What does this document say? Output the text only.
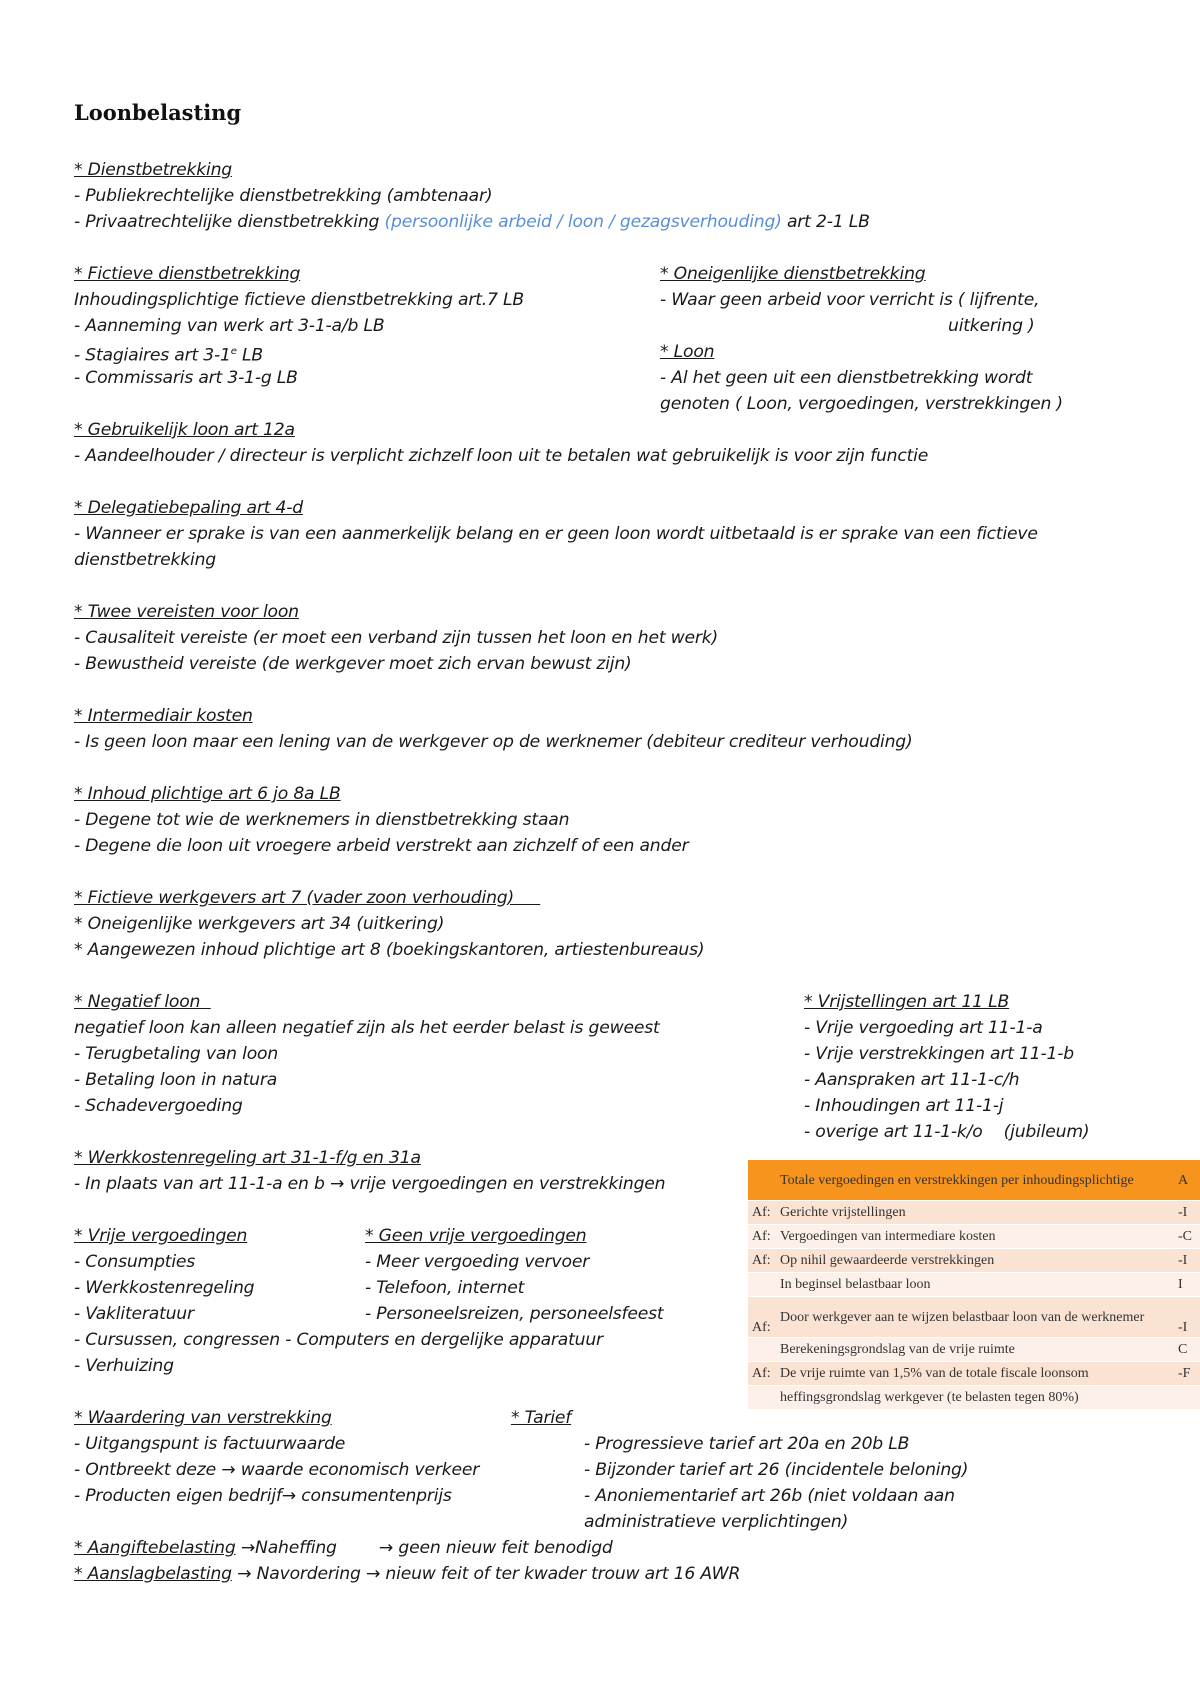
Loonbelasting
* Dienstbetrekking
- Publiekrechtelijke dienstbetrekking (ambtenaar)
- Privaatrechtelijke dienstbetrekking (persoonlijke arbeid / loon / gezagsverhouding) art 2-1 LB
* Fictieve dienstbetrekking
Inhoudingsplichtige fictieve dienstbetrekking art.7 LB
- Aanneming van werk art 3-1-a/b LB
- Stagiaires art 3-1e LB
- Commissaris art 3-1-g LB
* Oneigenlijke dienstbetrekking
- Waar geen arbeid voor verricht is ( lijfrente,
uitkering )
* Loon
- Al het geen uit een dienstbetrekking wordt
genoten ( Loon, vergoedingen, verstrekkingen )
* Gebruikelijk loon art 12a
- Aandeelhouder / directeur is verplicht zichzelf loon uit te betalen wat gebruikelijk is voor zijn functie
* Delegatiebepaling art 4-d
- Wanneer er sprake is van een aanmerkelijk belang en er geen loon wordt uitbetaald is er sprake van een fictieve
dienstbetrekking
* Twee vereisten voor loon
- Causaliteit vereiste (er moet een verband zijn tussen het loon en het werk)
- Bewustheid vereiste (de werkgever moet zich ervan bewust zijn)
* Intermediair kosten
- Is geen loon maar een lening van de werkgever op de werknemer (debiteur crediteur verhouding)
* Inhoud plichtige art 6 jo 8a LB
- Degene tot wie de werknemers in dienstbetrekking staan
- Degene die loon uit vroegere arbeid verstrekt aan zichzelf of een ander
* Fictieve werkgevers art 7 (vader zoon verhouding)
* Oneigenlijke werkgevers art 34 (uitkering)
* Aangewezen inhoud plichtige art 8 (boekingskantoren, artiestenbureaus)
* Negatief loon
negatief loon kan alleen negatief zijn als het eerder belast is geweest
- Terugbetaling van loon
- Betaling loon in natura
- Schadevergoeding
* Vrijstellingen art 11 LB
- Vrije vergoeding art 11-1-a
- Vrije verstrekkingen art 11-1-b
- Aanspraken art 11-1-c/h
- Inhoudingen art 11-1-j
- overige art 11-1-k/o    (jubileum)
* Werkkostenregeling art 31-1-f/g en 31a
- In plaats van art 11-1-a en b → vrije vergoedingen en verstrekkingen
* Vrije vergoedingen
- Consumpties
- Werkkostenregeling
- Vakliteratuur
- Cursussen, congressen - Computers en dergelijke apparatuur
- Verhuizing
* Geen vrije vergoedingen
- Meer vergoeding vervoer
- Telefoon, internet
- Personeelsreizen, personeelsfeest
* Waardering van verstrekking
- Uitgangspunt is factuurwaarde
- Ontbreekt deze → waarde economisch verkeer
- Producten eigen bedrijf→ consumentenprijs
* Tarief
- Progressieve tarief art 20a en 20b LB
- Bijzonder tarief art 26 (incidentele beloning)
- Anoniementarief art 26b (niet voldaan aan
administratieve verplichtingen)
* Aangiftebelasting →Naheffing → geen nieuw feit benodigd
* Aanslagbelasting → Navordering → nieuw feit of ter kwader trouw art 16 AWR
	Totale vergoedingen en verstrekkingen per inhoudingsplichtige	A
Af:	Gerichte vrijstellingen	-I
Af:	Vergoedingen van intermediare kosten	-C
Af:	Op nihil gewaardeerde verstrekkingen	-I
	In beginsel belastbaar loon	I
Af:	Door werkgever aan te wijzen belastbaar loon van de werknemer	-I
	Berekeningsgrondslag van de vrije ruimte	C
Af:	De vrije ruimte van 1,5% van de totale fiscale loonsom	-F
	heffingsgrondslag werkgever (te belasten tegen 80%)	
